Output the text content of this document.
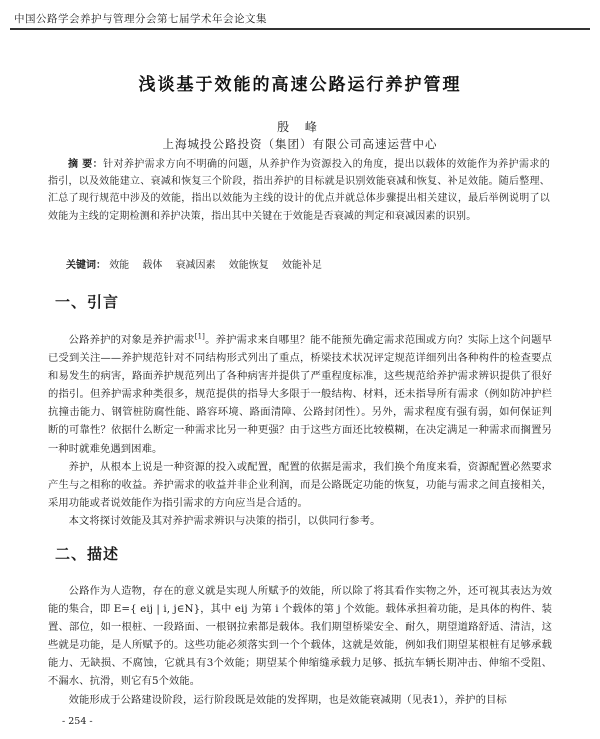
中国公路学会养护与管理分会第七届学术年会论文集
浅谈基于效能的高速公路运行养护管理
殷 峰
上海城投公路投资（集团）有限公司高速运营中心
摘 要：针对养护需求方向不明确的问题，从养护作为资源投入的角度，提出以载体的效能作为养护需求的指引，以及效能建立、衰减和恢复三个阶段，指出养护的目标就是识别效能衰减和恢复、补足效能。随后整理、汇总了现行规范中涉及的效能，指出以效能为主线的设计的优点并就总体步骤提出相关建议，最后举例说明了以效能为主线的定期检测和养护决策，指出其中关键在于效能是否衰减的判定和衰减因素的识别。
关键词： 效能 载体 衰减因素 效能恢复 效能补足
一、引言

公路养护的对象是养护需求[1]。养护需求来自哪里？能不能预先确定需求范围或方向？实际上这个问题早已受到关注——养护规范针对不同结构形式列出了重点，桥梁技术状况评定规范详细列出各种构件的检查要点和易发生的病害，路面养护规范列出了各种病害并提供了严重程度标准，这些规范给养护需求辨识提供了很好的指引。但养护需求种类很多，规范提供的指导大多限于一般结构、材料，还未指导所有需求（例如防冲护栏抗撞击能力、钢管桩防腐性能、路容环境、路面清障、公路封闭性）。另外，需求程度有强有弱，如何保证判断的可靠性？依据什么断定一种需求比另一种更强？由于这些方面还比较模糊，在决定满足一种需求而搁置另一种时就难免遇到困难。

养护，从根本上说是一种资源的投入或配置，配置的依据是需求，我们换个角度来看，资源配置必然要求产生与之相称的收益。养护需求的收益并非企业利润，而是公路既定功能的恢复，功能与需求之间直接相关，采用功能或者说效能作为指引需求的方向应当是合适的。

本文将探讨效能及其对养护需求辨识与决策的指引，以供同行参考。

二、描述

公路作为人造物，存在的意义就是实现人所赋予的效能，所以除了将其看作实物之外，还可视其表达为效能的集合，即 E={ eij | i, j∈N}，其中 eij 为第 i 个载体的第 j 个效能。载体承担着功能，是具体的构件、装置、部位，如一根桩、一段路面、一根钢拉索都是载体。我们期望桥梁安全、耐久，期望道路舒适、清洁，这些就是功能，是人所赋予的。这些功能必须落实到一个个载体，这就是效能，例如我们期望某根桩有足够承载能力、无缺损、不腐蚀，它就具有3个效能；期望某个伸缩缝承载力足够、抵抗车辆长期冲击、伸缩不受阻、不漏水、抗滑，则它有5个效能。

效能形成于公路建设阶段，运行阶段既是效能的发挥期，也是效能衰减期（见表1），养护的目标

- 254 -
